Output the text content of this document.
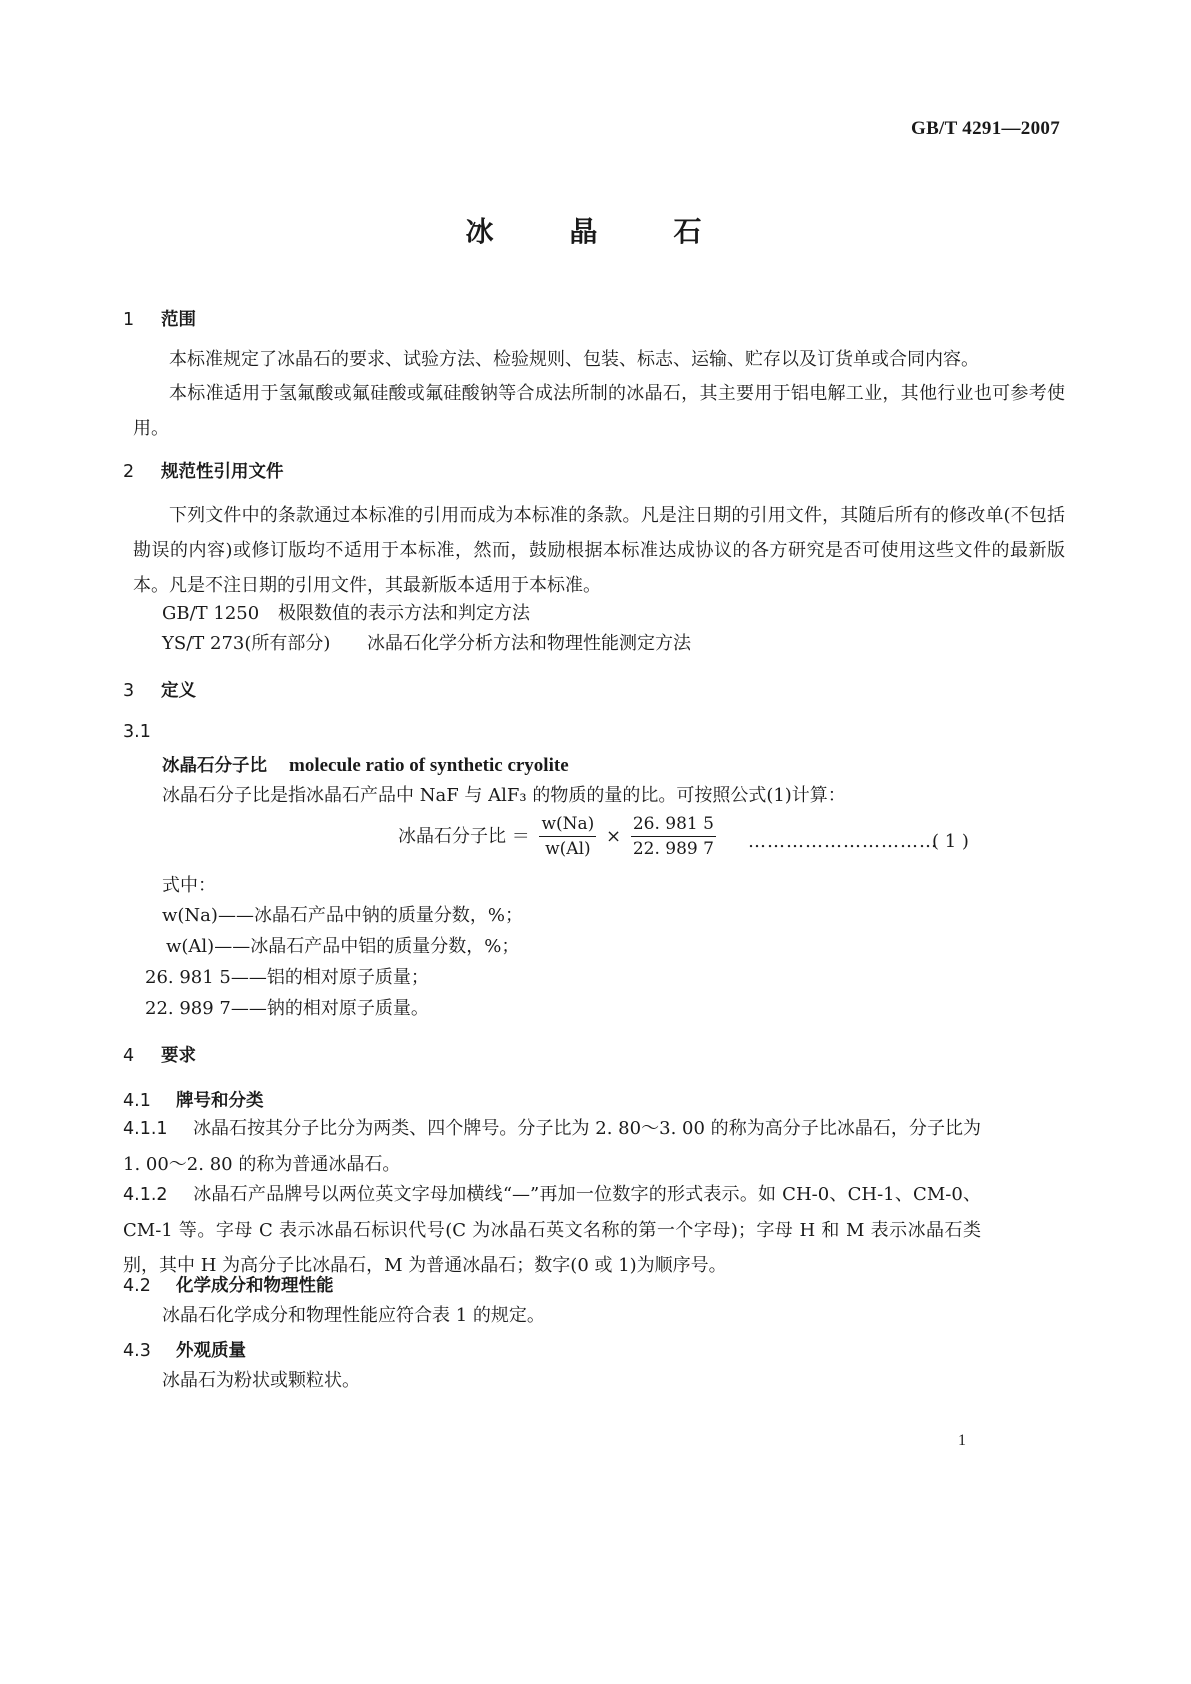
GB/T 4291—2007
冰　晶　石
1 范围
本标准规定了冰晶石的要求、试验方法、检验规则、包装、标志、运输、贮存以及订货单或合同内容。
本标准适用于氢氟酸或氟硅酸或氟硅酸钠等合成法所制的冰晶石，其主要用于铝电解工业，其他行业也可参考使用。
2 规范性引用文件
下列文件中的条款通过本标准的引用而成为本标准的条款。凡是注日期的引用文件，其随后所有的修改单(不包括勘误的内容)或修订版均不适用于本标准，然而，鼓励根据本标准达成协议的各方研究是否可使用这些文件的最新版本。凡是不注日期的引用文件，其最新版本适用于本标准。
GB/T 1250 极限数值的表示方法和判定方法
YS/T 273(所有部分) 冰晶石化学分析方法和物理性能测定方法
3 定义
3.1
冰晶石分子比 molecule ratio of synthetic cryolite
冰晶石分子比是指冰晶石产品中 NaF 与 AlF₃ 的物质的量的比。可按照公式(1)计算：
冰晶石分子比 ＝ $\frac{w(Na)}{w(Al)} \times \frac{26. 981 5}{22. 989 7}$ …………………………
( 1 )
式中：
w(Na)——冰晶石产品中钠的质量分数，%；
w(Al)——冰晶石产品中铝的质量分数，%；
26. 981 5——铝的相对原子质量；
22. 989 7——钠的相对原子质量。
4 要求
4.1 牌号和分类
4.1.1 冰晶石按其分子比分为两类、四个牌号。分子比为 2. 80～3. 00 的称为高分子比冰晶石，分子比为 1. 00～2. 80 的称为普通冰晶石。
4.1.2 冰晶石产品牌号以两位英文字母加横线“—”再加一位数字的形式表示。如 CH-0、CH-1、CM-0、CM-1 等。字母 C 表示冰晶石标识代号(C 为冰晶石英文名称的第一个字母)；字母 H 和 M 表示冰晶石类别，其中 H 为高分子比冰晶石，M 为普通冰晶石；数字(0 或 1)为顺序号。
4.2 化学成分和物理性能
冰晶石化学成分和物理性能应符合表 1 的规定。
4.3 外观质量
冰晶石为粉状或颗粒状。
1
